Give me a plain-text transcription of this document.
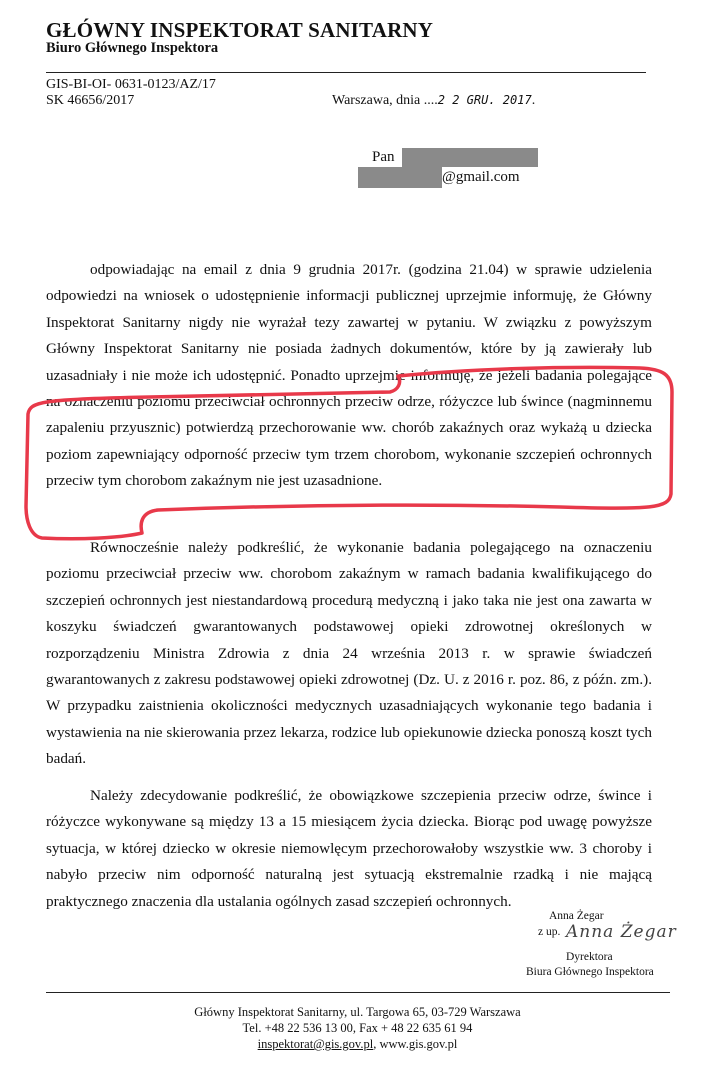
GŁÓWNY INSPEKTORAT SANITARNY
Biuro Głównego Inspektora
GIS-BI-OI- 0631-0123/AZ/17
SK 46656/2017	Warszawa, dnia ....2 2 GRU. 2017.
Pan
@gmail.com
odpowiadając na email z dnia 9 grudnia 2017r. (godzina 21.04) w sprawie udzielenia odpowiedzi na wniosek o udostępnienie informacji publicznej uprzejmie informuję, że Główny Inspektorat Sanitarny nigdy nie wyrażał tezy zawartej w pytaniu. W związku z powyższym Główny Inspektorat Sanitarny nie posiada żadnych dokumentów, które by ją zawierały lub uzasadniały i nie może ich udostępnić. Ponadto uprzejmie informuję, że jeżeli badania polegające na oznaczeniu poziomu przeciwciał ochronnych przeciw odrze, różyczce lub śwince (nagminnemu zapaleniu przyusznic) potwierdzą przechorowanie ww. chorób zakaźnych oraz wykażą u dziecka poziom zapewniający odporność przeciw tym trzem chorobom, wykonanie szczepień ochronnych przeciw tym chorobom zakaźnym nie jest uzasadnione.
Równocześnie należy podkreślić, że wykonanie badania polegającego na oznaczeniu poziomu przeciwciał przeciw ww. chorobom zakaźnym w ramach badania kwalifikującego do szczepień ochronnych jest niestandardową procedurą medyczną i jako taka nie jest ona zawarta w koszyku świadczeń gwarantowanych podstawowej opieki zdrowotnej określonych w rozporządzeniu Ministra Zdrowia z dnia 24 września 2013 r. w sprawie świadczeń gwarantowanych z zakresu podstawowej opieki zdrowotnej (Dz. U. z 2016 r. poz. 86, z późn. zm.). W przypadku zaistnienia okoliczności medycznych uzasadniających wykonanie tego badania i wystawienia na nie skierowania przez lekarza, rodzice lub opiekunowie dziecka ponoszą koszt tych badań.
Należy zdecydowanie podkreślić, że obowiązkowe szczepienia przeciw odrze, śwince i różyczce wykonywane są między 13 a 15 miesiącem życia dziecka. Biorąc pod uwagę powyższe sytuacja, w której dziecko w okresie niemowlęcym przechorowałoby wszystkie ww. 3 choroby i nabyło przeciw nim odporność naturalną jest sytuacją ekstremalnie rzadką i nie mającą praktycznego znaczenia dla ustalania ogólnych zasad szczepień ochronnych.
Anna Żegar
z up. Anna Żegar
Dyrektora
Biura Głównego Inspektora
Główny Inspektorat Sanitarny, ul. Targowa 65, 03-729 Warszawa
Tel. +48 22 536 13 00, Fax + 48 22 635 61 94
inspektorat@gis.gov.pl, www.gis.gov.pl
